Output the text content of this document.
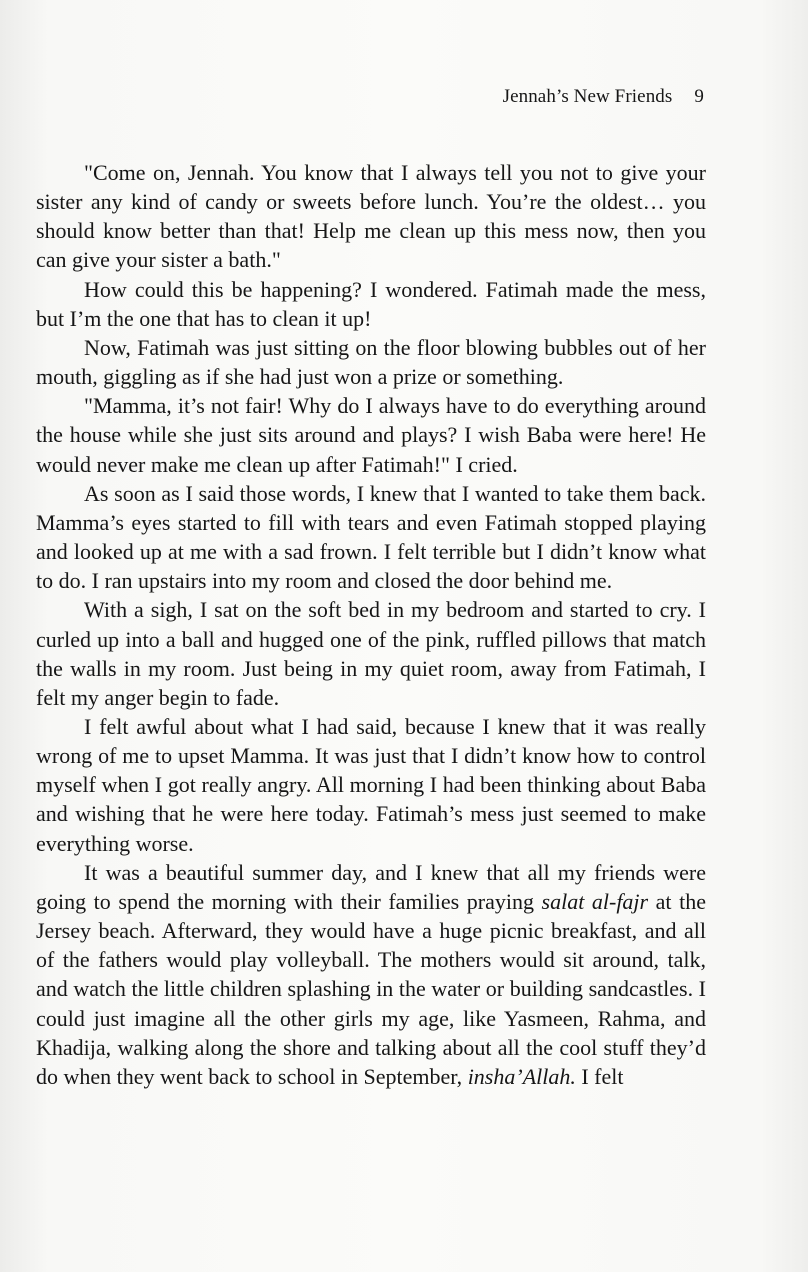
Jennah’s New Friends 9

"Come on, Jennah. You know that I always tell you not to give your sister any kind of candy or sweets before lunch. You’re the oldest… you should know better than that! Help me clean up this mess now, then you can give your sister a bath."

How could this be happening? I wondered. Fatimah made the mess, but I’m the one that has to clean it up!

Now, Fatimah was just sitting on the floor blowing bubbles out of her mouth, giggling as if she had just won a prize or something.

"Mamma, it’s not fair! Why do I always have to do everything around the house while she just sits around and plays? I wish Baba were here! He would never make me clean up after Fatimah!" I cried.

As soon as I said those words, I knew that I wanted to take them back. Mamma’s eyes started to fill with tears and even Fatimah stopped playing and looked up at me with a sad frown. I felt terrible but I didn’t know what to do. I ran upstairs into my room and closed the door behind me.

With a sigh, I sat on the soft bed in my bedroom and started to cry. I curled up into a ball and hugged one of the pink, ruffled pillows that match the walls in my room. Just being in my quiet room, away from Fatimah, I felt my anger begin to fade.

I felt awful about what I had said, because I knew that it was really wrong of me to upset Mamma. It was just that I didn’t know how to control myself when I got really angry. All morning I had been thinking about Baba and wishing that he were here today. Fatimah’s mess just seemed to make everything worse.

It was a beautiful summer day, and I knew that all my friends were going to spend the morning with their families praying salat al-fajr at the Jersey beach. Afterward, they would have a huge picnic breakfast, and all of the fathers would play volleyball. The mothers would sit around, talk, and watch the little children splashing in the water or building sandcastles. I could just imagine all the other girls my age, like Yasmeen, Rahma, and Khadija, walking along the shore and talking about all the cool stuff they’d do when they went back to school in September, insha’Allah. I felt
